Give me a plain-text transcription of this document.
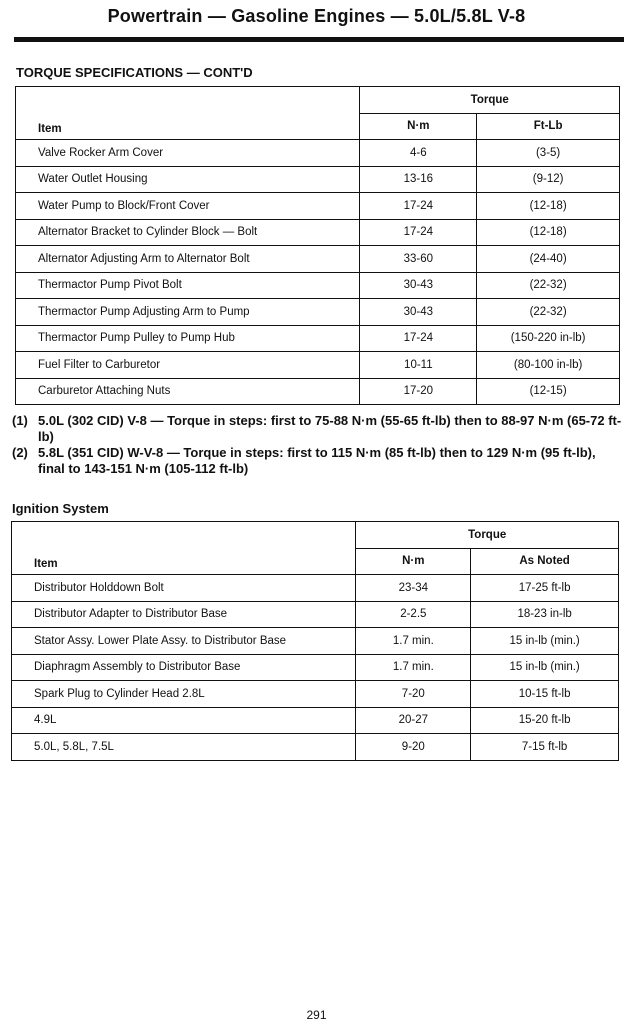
Powertrain — Gasoline Engines — 5.0L/5.8L V-8
TORQUE SPECIFICATIONS — CONT'D
Item	Torque	
	N·m	Ft-Lb
Valve Rocker Arm Cover	4-6	(3-5)
Water Outlet Housing	13-16	(9-12)
Water Pump to Block/Front Cover	17-24	(12-18)
Alternator Bracket to Cylinder Block — Bolt	17-24	(12-18)
Alternator Adjusting Arm to Alternator Bolt	33-60	(24-40)
Thermactor Pump Pivot Bolt	30-43	(22-32)
Thermactor Pump Adjusting Arm to Pump	30-43	(22-32)
Thermactor Pump Pulley to Pump Hub	17-24	(150-220 in-lb)
Fuel Filter to Carburetor	10-11	(80-100 in-lb)
Carburetor Attaching Nuts	17-20	(12-15)
(1) 5.0L (302 CID) V-8 — Torque in steps: first to 75-88 N·m (55-65 ft-lb) then to 88-97 N·m (65-72 ft-lb)
(2) 5.8L (351 CID) W-V-8 — Torque in steps: first to 115 N·m (85 ft-lb) then to 129 N·m (95 ft-lb), final to 143-151 N·m (105-112 ft-lb)
Ignition System
Item	Torque	
	N·m	As Noted
Distributor Holddown Bolt	23-34	17-25 ft-lb
Distributor Adapter to Distributor Base	2-2.5	18-23 in-lb
Stator Assy. Lower Plate Assy. to Distributor Base	1.7 min.	15 in-lb (min.)
Diaphragm Assembly to Distributor Base	1.7 min.	15 in-lb (min.)
Spark Plug to Cylinder Head 2.8L	7-20	10-15 ft-lb
4.9L	20-27	15-20 ft-lb
5.0L, 5.8L, 7.5L	9-20	7-15 ft-lb
291
